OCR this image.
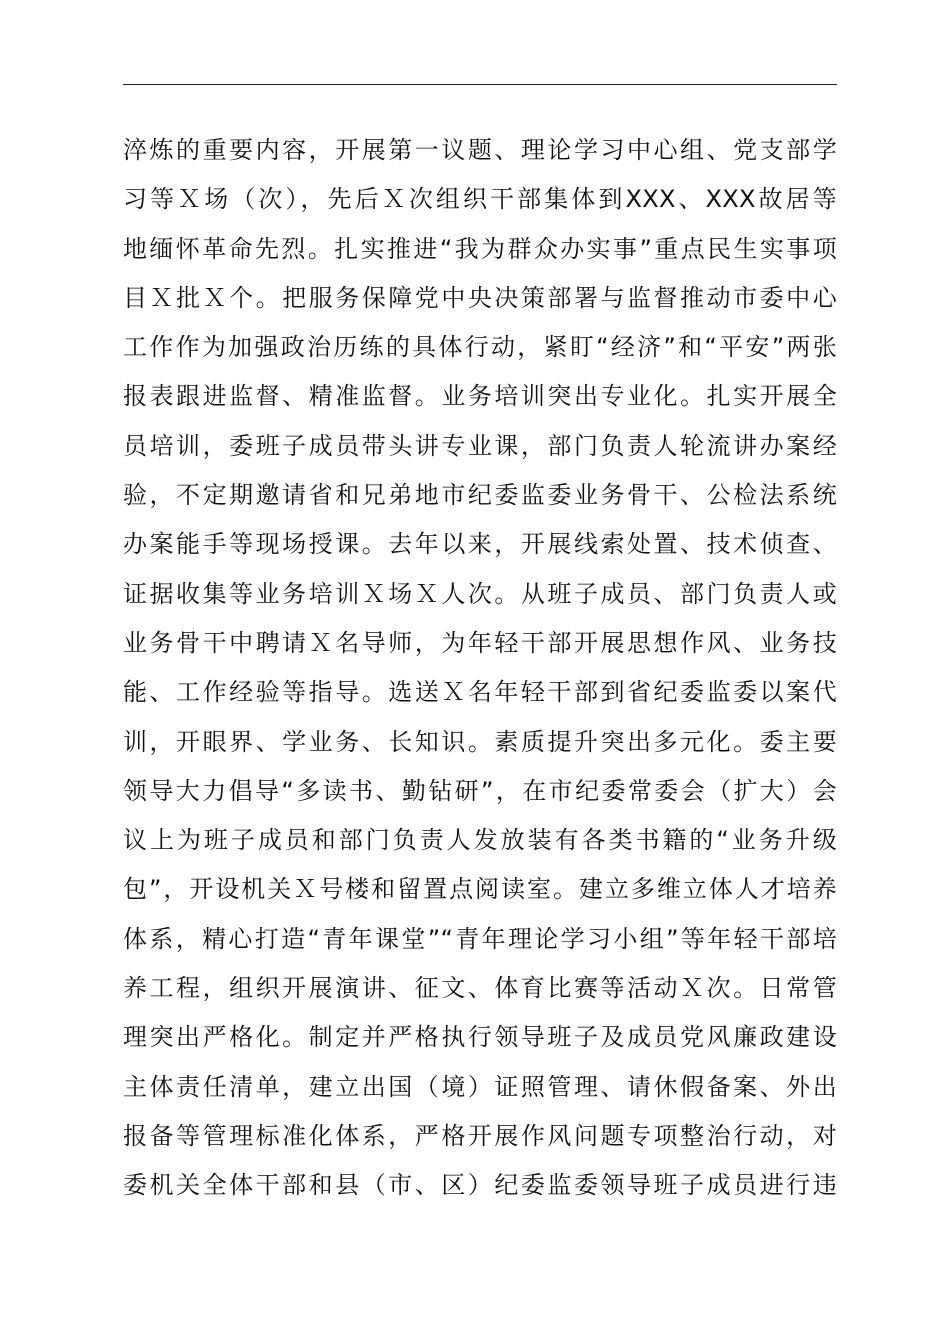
淬炼的重要内容，开展第一议题、理论学习中心组、党支部学
习等Ｘ场（次），先后Ｘ次组织干部集体到XXX、XXX故居等
地缅怀革命先烈。扎实推进“我为群众办实事”重点民生实事项
目Ｘ批Ｘ个。把服务保障党中央决策部署与监督推动市委中心
工作作为加强政治历练的具体行动，紧盯“经济”和“平安”两张
报表跟进监督、精准监督。业务培训突出专业化。扎实开展全
员培训，委班子成员带头讲专业课，部门负责人轮流讲办案经
验，不定期邀请省和兄弟地市纪委监委业务骨干、公检法系统
办案能手等现场授课。去年以来，开展线索处置、技术侦查、
证据收集等业务培训Ｘ场Ｘ人次。从班子成员、部门负责人或
业务骨干中聘请Ｘ名导师，为年轻干部开展思想作风、业务技
能、工作经验等指导。选送Ｘ名年轻干部到省纪委监委以案代
训，开眼界、学业务、长知识。素质提升突出多元化。委主要
领导大力倡导“多读书、勤钻研”，在市纪委常委会（扩大）会
议上为班子成员和部门负责人发放装有各类书籍的“业务升级
包”，开设机关Ｘ号楼和留置点阅读室。建立多维立体人才培养
体系，精心打造“青年课堂”“青年理论学习小组”等年轻干部培
养工程，组织开展演讲、征文、体育比赛等活动Ｘ次。日常管
理突出严格化。制定并严格执行领导班子及成员党风廉政建设
主体责任清单，建立出国（境）证照管理、请休假备案、外出
报备等管理标准化体系，严格开展作风问题专项整治行动，对
委机关全体干部和县（市、区）纪委监委领导班子成员进行违
